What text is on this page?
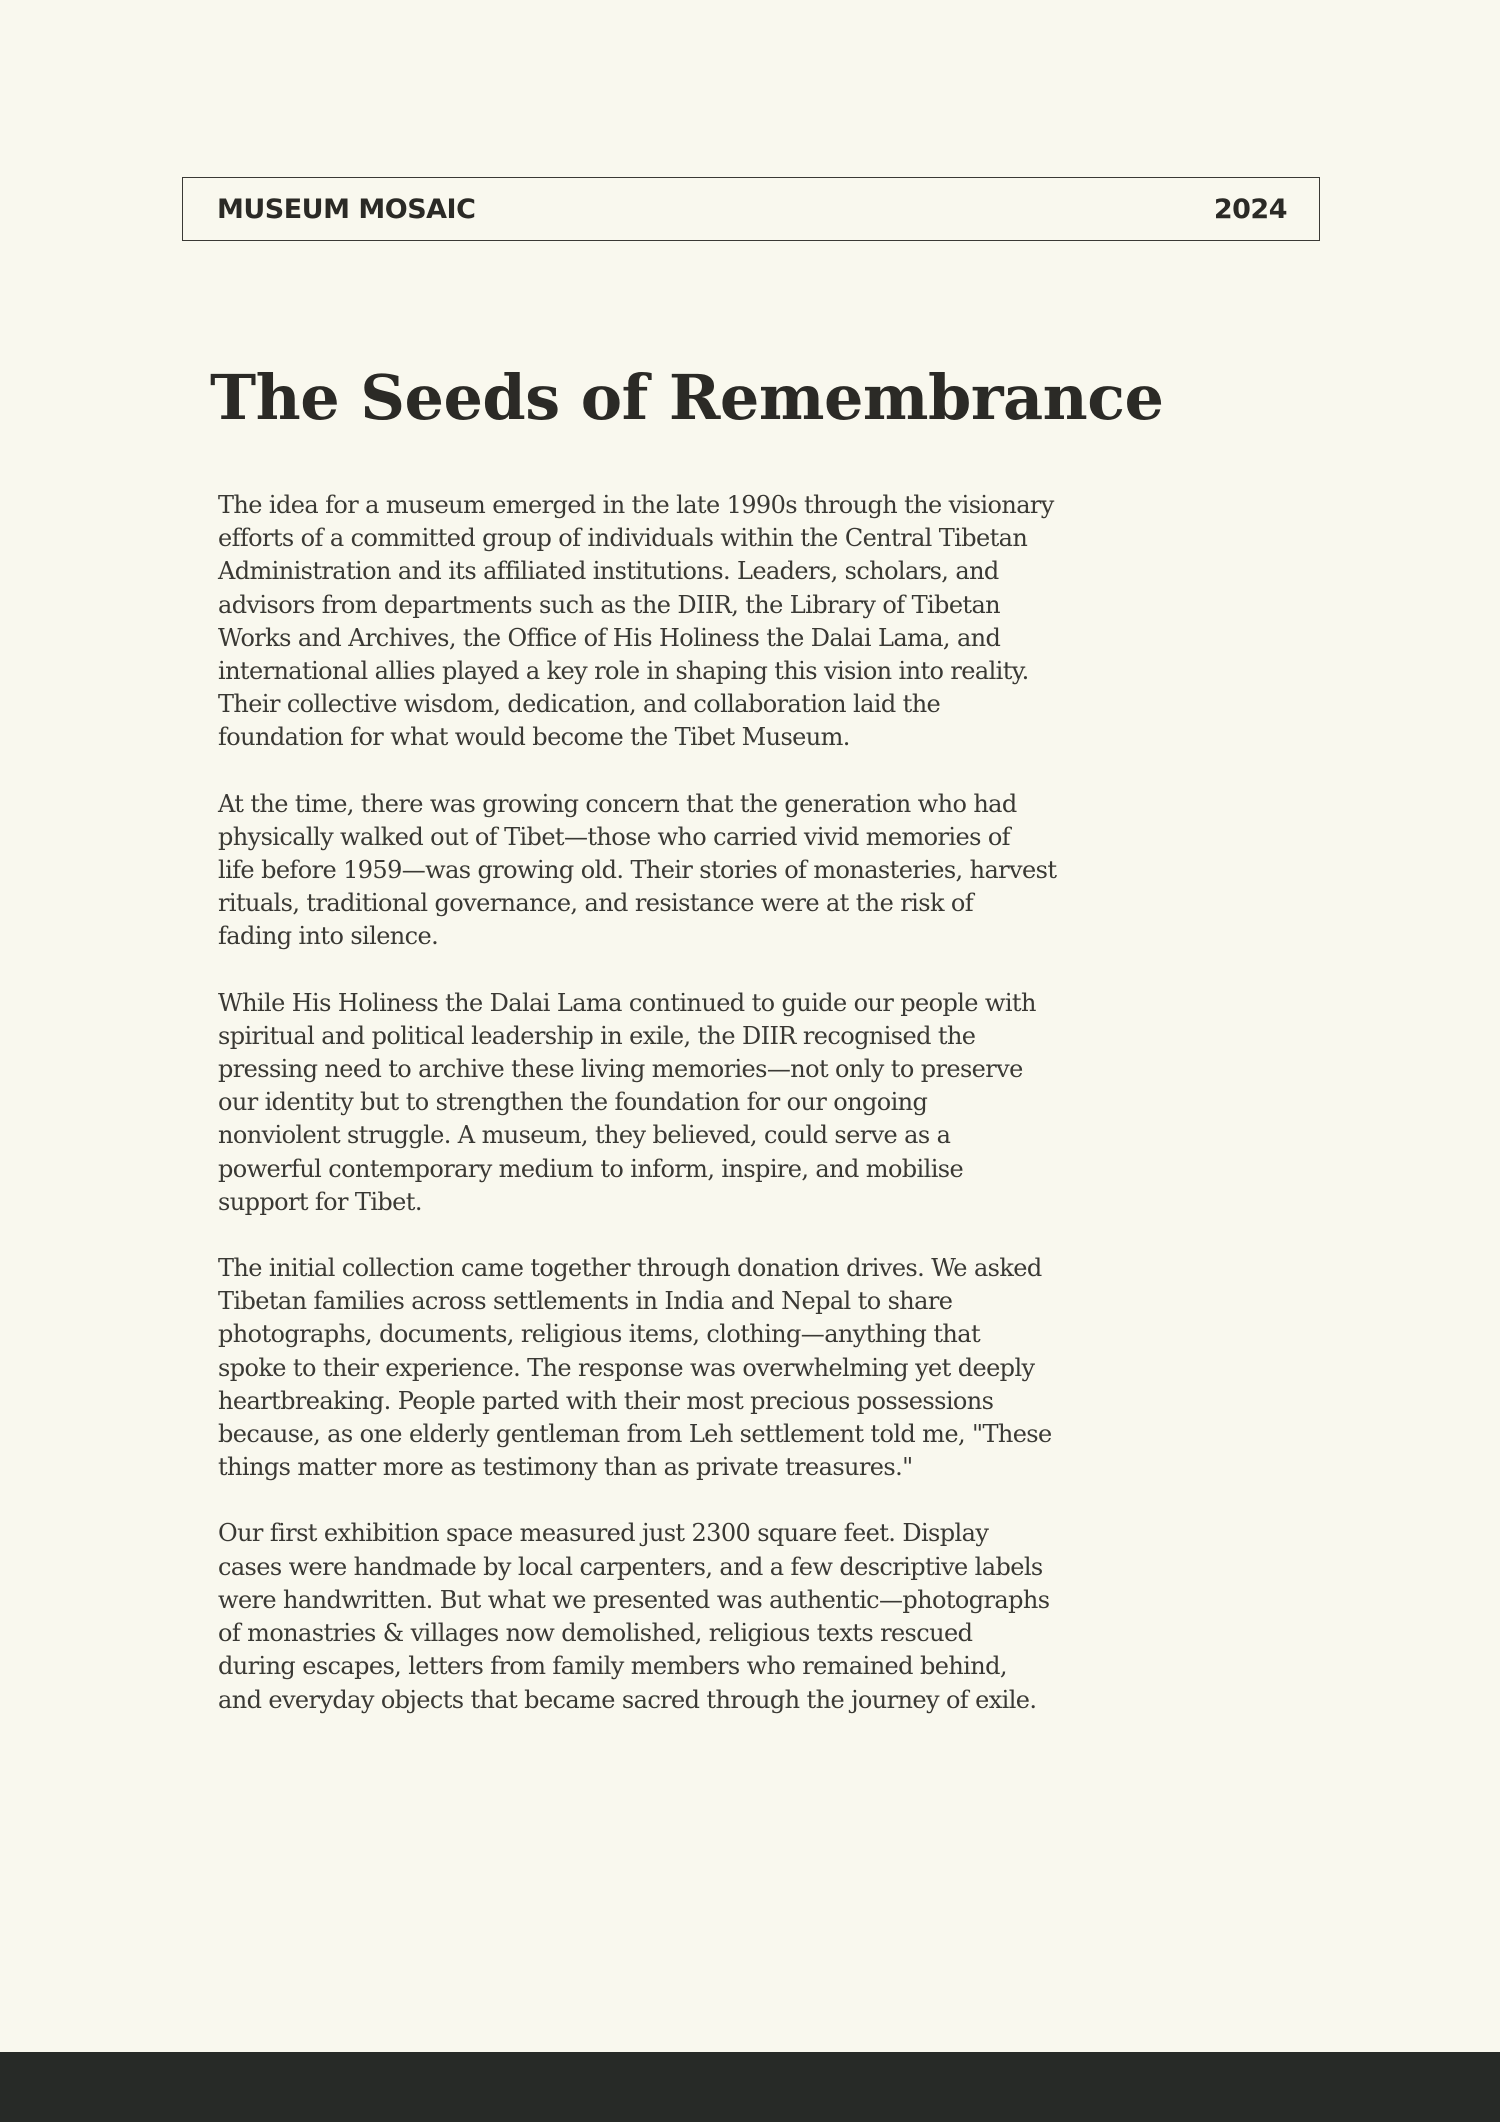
MUSEUM MOSAIC	2024
The Seeds of Remembrance

The idea for a museum emerged in the late 1990s through the visionary
efforts of a committed group of individuals within the Central Tibetan
Administration and its affiliated institutions. Leaders, scholars, and
advisors from departments such as the DIIR, the Library of Tibetan
Works and Archives, the Office of His Holiness the Dalai Lama, and
international allies played a key role in shaping this vision into reality.
Their collective wisdom, dedication, and collaboration laid the
foundation for what would become the Tibet Museum.

At the time, there was growing concern that the generation who had
physically walked out of Tibet—those who carried vivid memories of
life before 1959—was growing old. Their stories of monasteries, harvest
rituals, traditional governance, and resistance were at the risk of
fading into silence.

While His Holiness the Dalai Lama continued to guide our people with
spiritual and political leadership in exile, the DIIR recognised the
pressing need to archive these living memories—not only to preserve
our identity but to strengthen the foundation for our ongoing
nonviolent struggle. A museum, they believed, could serve as a
powerful contemporary medium to inform, inspire, and mobilise
support for Tibet.

The initial collection came together through donation drives. We asked
Tibetan families across settlements in India and Nepal to share
photographs, documents, religious items, clothing—anything that
spoke to their experience. The response was overwhelming yet deeply
heartbreaking. People parted with their most precious possessions
because, as one elderly gentleman from Leh settlement told me, "These
things matter more as testimony than as private treasures."

Our first exhibition space measured just 2300 square feet. Display
cases were handmade by local carpenters, and a few descriptive labels
were handwritten. But what we presented was authentic—photographs
of monastries & villages now demolished, religious texts rescued
during escapes, letters from family members who remained behind,
and everyday objects that became sacred through the journey of exile.
